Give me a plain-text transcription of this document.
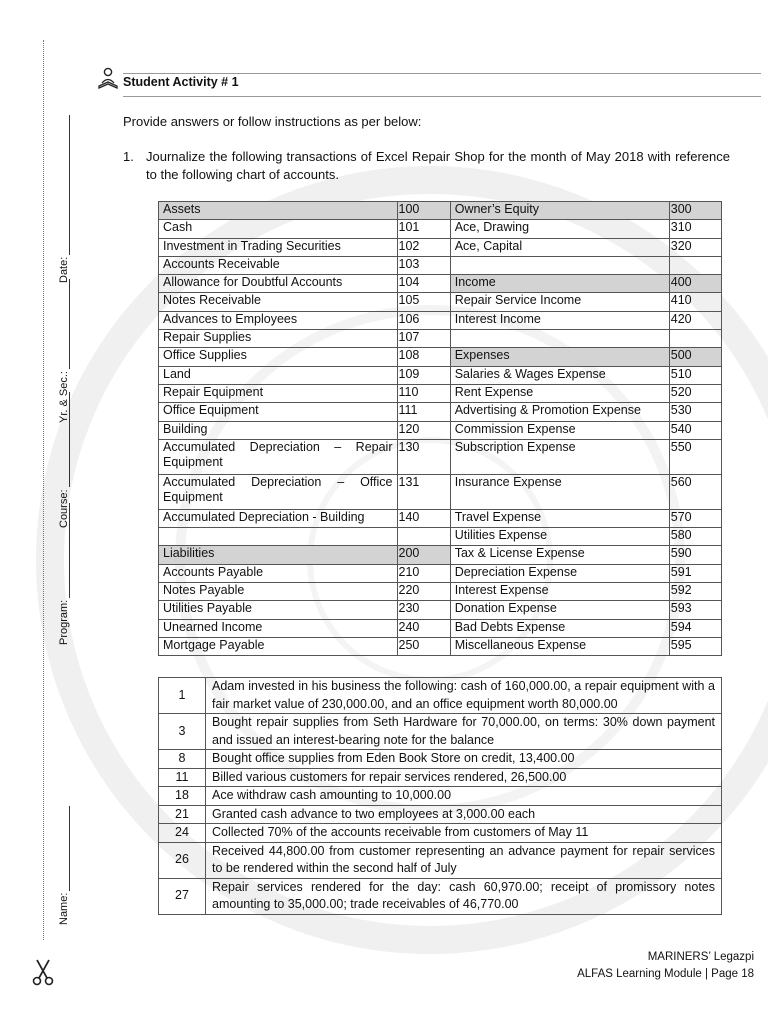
Name:
Program:
Course:
Yr. & Sec.:
Date:
Student Activity # 1
Provide answers or follow instructions as per below:
1. Journalize the following transactions of Excel Repair Shop for the month of May 2018 with reference to the following chart of accounts.
Assets	100	Owner’s Equity	300
Cash	101	Ace, Drawing	310
Investment in Trading Securities	102	Ace, Capital	320
Accounts Receivable	103		
Allowance for Doubtful Accounts	104	Income	400
Notes Receivable	105	Repair Service Income	410
Advances to Employees	106	Interest Income	420
Repair Supplies	107		
Office Supplies	108	Expenses	500
Land	109	Salaries & Wages Expense	510
Repair Equipment	110	Rent Expense	520
Office Equipment	111	Advertising & Promotion Expense	530
Building	120	Commission Expense	540
Accumulated Depreciation – Repair Equipment	130	Subscription Expense	550
Accumulated Depreciation – Office Equipment	131	Insurance Expense	560
Accumulated Depreciation - Building	140	Travel Expense	570
		Utilities Expense	580
Liabilities	200	Tax & License Expense	590
Accounts Payable	210	Depreciation Expense	591
Notes Payable	220	Interest Expense	592
Utilities Payable	230	Donation Expense	593
Unearned Income	240	Bad Debts Expense	594
Mortgage Payable	250	Miscellaneous Expense	595
1	Adam invested in his business the following: cash of 160,000.00, a repair equipment with a fair market value of 230,000.00, and an office equipment worth 80,000.00
3	Bought repair supplies from Seth Hardware for 70,000.00, on terms: 30% down payment and issued an interest-bearing note for the balance
8	Bought office supplies from Eden Book Store on credit, 13,400.00
11	Billed various customers for repair services rendered, 26,500.00
18	Ace withdraw cash amounting to 10,000.00
21	Granted cash advance to two employees at 3,000.00 each
24	Collected 70% of the accounts receivable from customers of May 11
26	Received 44,800.00 from customer representing an advance payment for repair services to be rendered within the second half of July
27	Repair services rendered for the day: cash 60,970.00; receipt of promissory notes amounting to 35,000.00; trade receivables of 46,770.00
MARINERS’ Legazpi
ALFAS Learning Module | Page 18
